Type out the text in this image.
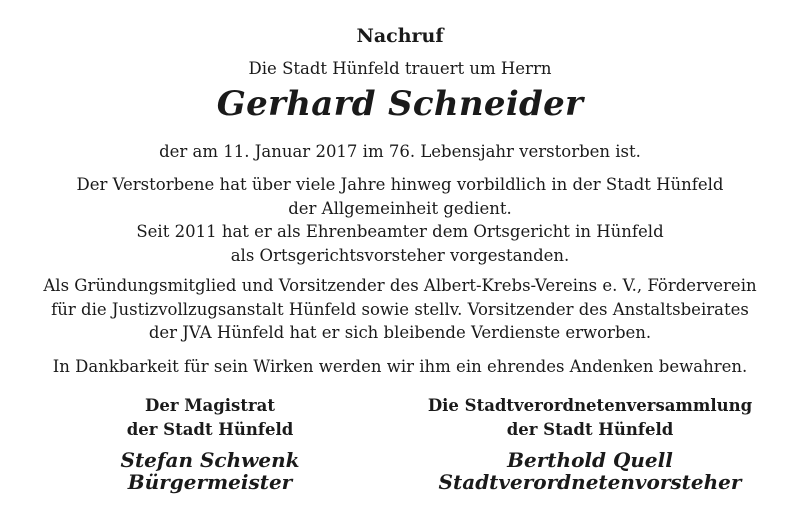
Nachruf
Die Stadt Hünfeld trauert um Herrn
Gerhard Schneider
der am 11. Januar 2017 im 76. Lebensjahr verstorben ist.
Der Verstorbene hat über viele Jahre hinweg vorbildlich in der Stadt Hünfeld
der Allgemeinheit gedient.
Seit 2011 hat er als Ehrenbeamter dem Ortsgericht in Hünfeld
als Ortsgerichtsvorsteher vorgestanden.
Als Gründungsmitglied und Vorsitzender des Albert-Krebs-Vereins e. V., Förderverein
für die Justizvollzugsanstalt Hünfeld sowie stellv. Vorsitzender des Anstaltsbeirates
der JVA Hünfeld hat er sich bleibende Verdienste erworben.
In Dankbarkeit für sein Wirken werden wir ihm ein ehrendes Andenken bewahren.
Der Magistrat
der Stadt Hünfeld
Stefan Schwenk
Bürgermeister
Die Stadtverordnetenversammlung
der Stadt Hünfeld
Berthold Quell
Stadtverordnetenvorsteher
